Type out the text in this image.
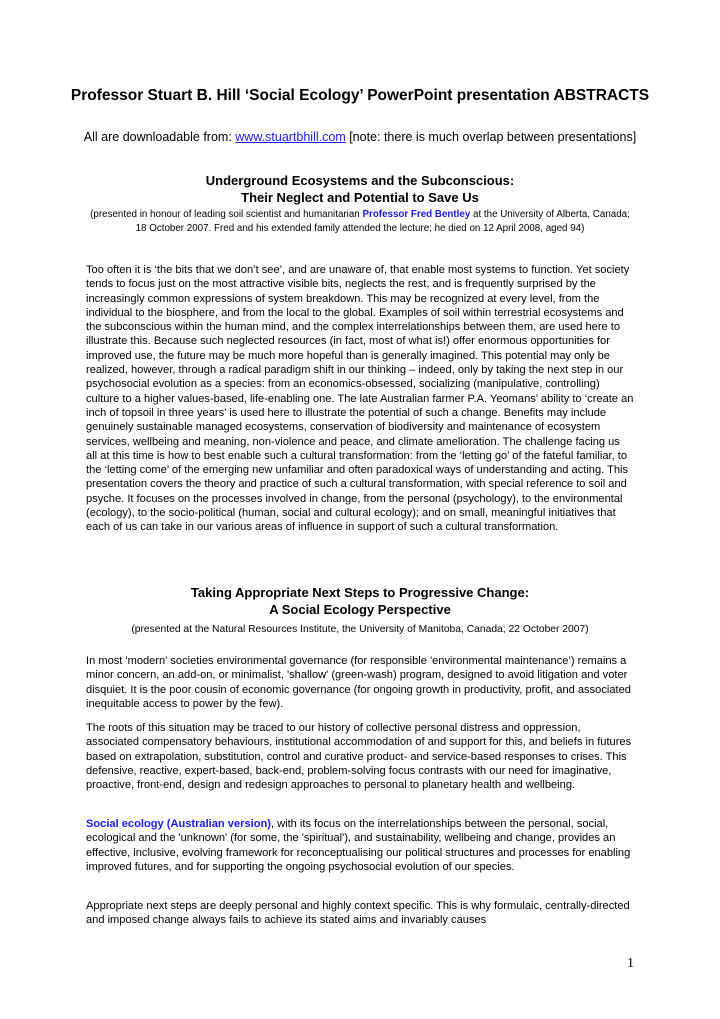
Professor Stuart B. Hill ‘Social Ecology’ PowerPoint presentation ABSTRACTS
All are downloadable from: www.stuartbhill.com [note: there is much overlap between presentations]
Underground Ecosystems and the Subconscious:
Their Neglect and Potential to Save Us
(presented in honour of leading soil scientist and humanitarian Professor Fred Bentley at the University of Alberta, Canada; 18 October 2007. Fred and his extended family attended the lecture; he died on 12 April 2008, aged 94)
Too often it is ‘the bits that we don’t see’, and are unaware of, that enable most systems to function. Yet society tends to focus just on the most attractive visible bits, neglects the rest, and is frequently surprised by the increasingly common expressions of system breakdown. This may be recognized at every level, from the individual to the biosphere, and from the local to the global. Examples of soil within terrestrial ecosystems and the subconscious within the human mind, and the complex interrelationships between them, are used here to illustrate this. Because such neglected resources (in fact, most of what is!) offer enormous opportunities for improved use, the future may be much more hopeful than is generally imagined. This potential may only be realized, however, through a radical paradigm shift in our thinking – indeed, only by taking the next step in our psychosocial evolution as a species: from an economics-obsessed, socializing (manipulative, controlling) culture to a higher values-based, life-enabling one. The late Australian farmer P.A. Yeomans’ ability to ‘create an inch of topsoil in three years’ is used here to illustrate the potential of such a change. Benefits may include genuinely sustainable managed ecosystems, conservation of biodiversity and maintenance of ecosystem services, wellbeing and meaning, non-violence and peace, and climate amelioration. The challenge facing us all at this time is how to best enable such a cultural transformation: from the ‘letting go’ of the fateful familiar, to the ‘letting come’ of the emerging new unfamiliar and often paradoxical ways of understanding and acting. This presentation covers the theory and practice of such a cultural transformation, with special reference to soil and psyche. It focuses on the processes involved in change, from the personal (psychology), to the environmental (ecology), to the socio-political (human, social and cultural ecology); and on small, meaningful initiatives that each of us can take in our various areas of influence in support of such a cultural transformation.
Taking Appropriate Next Steps to Progressive Change:
A Social Ecology Perspective
(presented at the Natural Resources Institute, the University of Manitoba, Canada; 22 October 2007)
In most 'modern' societies environmental governance (for responsible 'environmental maintenance’) remains a minor concern, an add-on, or minimalist, 'shallow' (green-wash) program, designed to avoid litigation and voter disquiet. It is the poor cousin of economic governance (for ongoing growth in productivity, profit, and associated inequitable access to power by the few).
The roots of this situation may be traced to our history of collective personal distress and oppression, associated compensatory behaviours, institutional accommodation of and support for this, and beliefs in futures based on extrapolation, substitution, control and curative product- and service-based responses to crises. This defensive, reactive, expert-based, back-end, problem-solving focus contrasts with our need for imaginative, proactive, front-end, design and redesign approaches to personal to planetary health and wellbeing.
Social ecology (Australian version), with its focus on the interrelationships between the personal, social, ecological and the 'unknown' (for some, the 'spiritual'), and sustainability, wellbeing and change, provides an effective, inclusive, evolving framework for reconceptualising our political structures and processes for enabling improved futures, and for supporting the ongoing psychosocial evolution of our species.
Appropriate next steps are deeply personal and highly context specific. This is why formulaic, centrally-directed and imposed change always fails to achieve its stated aims and invariably causes
1
